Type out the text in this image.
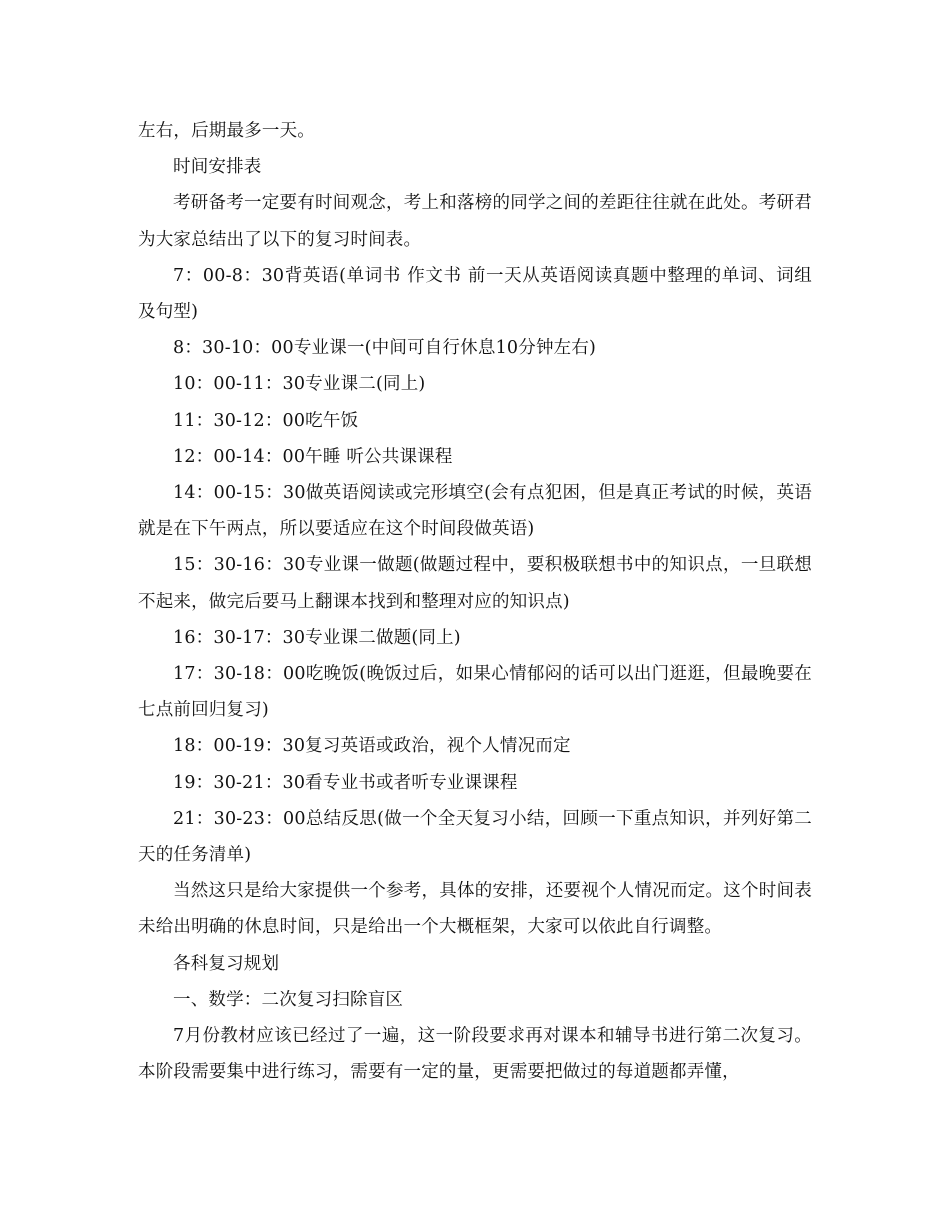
左右，后期最多一天。

时间安排表

考研备考一定要有时间观念，考上和落榜的同学之间的差距往往就在此处。考研君为大家总结出了以下的复习时间表。

7：00-8：30背英语(单词书 作文书 前一天从英语阅读真题中整理的单词、词组及句型)

8：30-10：00专业课一(中间可自行休息10分钟左右)

10：00-11：30专业课二(同上)

11：30-12：00吃午饭

12：00-14：00午睡 听公共课课程

14：00-15：30做英语阅读或完形填空(会有点犯困，但是真正考试的时候，英语就是在下午两点，所以要适应在这个时间段做英语)

15：30-16：30专业课一做题(做题过程中，要积极联想书中的知识点，一旦联想不起来，做完后要马上翻课本找到和整理对应的知识点)

16：30-17：30专业课二做题(同上)

17：30-18：00吃晚饭(晚饭过后，如果心情郁闷的话可以出门逛逛，但最晚要在七点前回归复习)

18：00-19：30复习英语或政治，视个人情况而定

19：30-21：30看专业书或者听专业课课程

21：30-23：00总结反思(做一个全天复习小结，回顾一下重点知识，并列好第二天的任务清单)

当然这只是给大家提供一个参考，具体的安排，还要视个人情况而定。这个时间表未给出明确的休息时间，只是给出一个大概框架，大家可以依此自行调整。

各科复习规划

一、数学：二次复习扫除盲区

7月份教材应该已经过了一遍，这一阶段要求再对课本和辅导书进行第二次复习。本阶段需要集中进行练习，需要有一定的量，更需要把做过的每道题都弄懂，
